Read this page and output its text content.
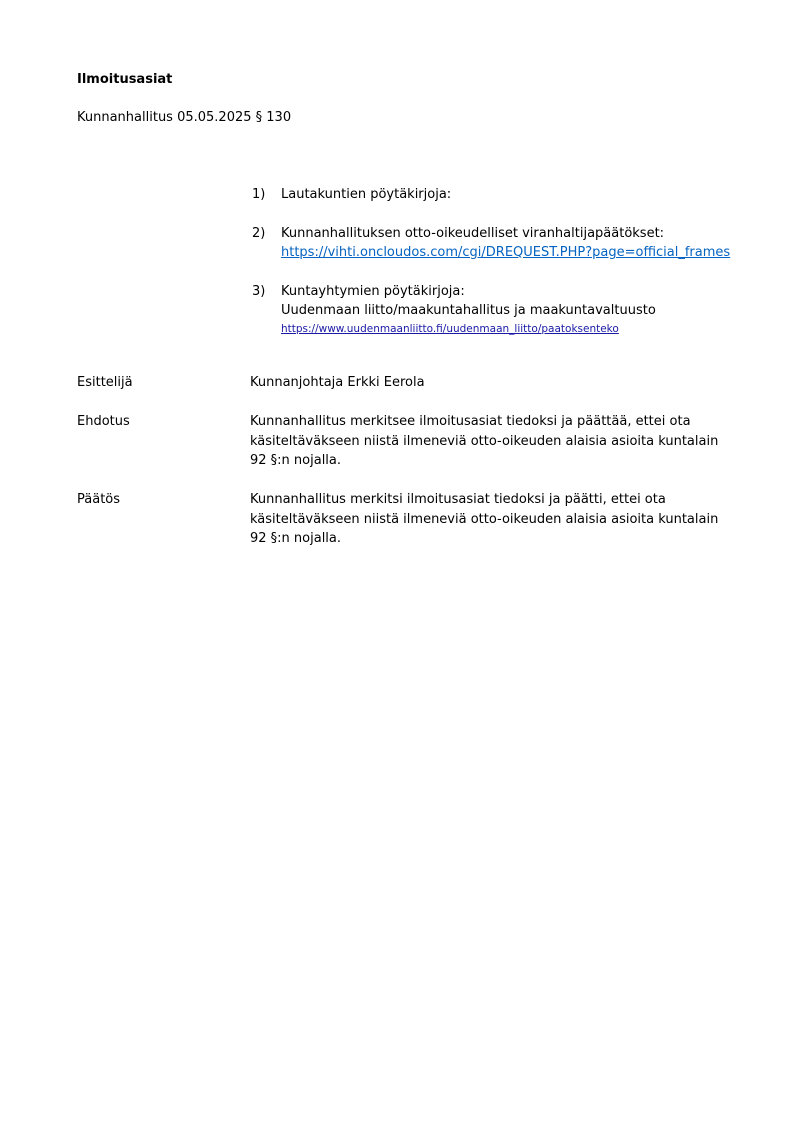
Ilmoitusasiat

Kunnanhallitus 05.05.2025 § 130

1) Lautakuntien pöytäkirjoja:
2) Kunnanhallituksen otto-oikeudelliset viranhaltijapäätökset:
https://vihti.oncloudos.com/cgi/DREQUEST.PHP?page=official_frames
3) Kuntayhtymien pöytäkirjoja:
Uudenmaan liitto/maakuntahallitus ja maakuntavaltuusto
https://www.uudenmaanliitto.fi/uudenmaan_liitto/paatoksenteko
Esittelijä	Kunnanjohtaja Erkki Eerola
Ehdotus	Kunnanhallitus merkitsee ilmoitusasiat tiedoksi ja päättää, ettei ota käsiteltäväkseen niistä ilmeneviä otto-oikeuden alaisia asioita kuntalain 92 §:n nojalla.
Päätös	Kunnanhallitus merkitsi ilmoitusasiat tiedoksi ja päätti, ettei ota käsiteltäväkseen niistä ilmeneviä otto-oikeuden alaisia asioita kuntalain 92 §:n nojalla.
